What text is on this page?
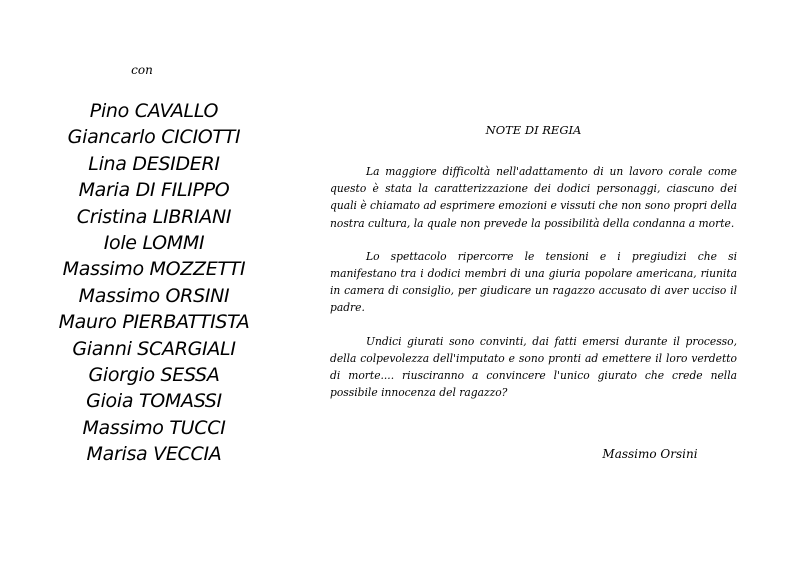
con
Pino CAVALLO
Giancarlo CICIOTTI
Lina DESIDERI
Maria DI FILIPPO
Cristina LIBRIANI
Iole LOMMI
Massimo MOZZETTI
Massimo ORSINI
Mauro PIERBATTISTA
Gianni SCARGIALI
Giorgio SESSA
Gioia TOMASSI
Massimo TUCCI
Marisa VECCIA
NOTE DI REGIA

La maggiore difficoltà nell'adattamento di un lavoro corale come questo è stata la caratterizzazione dei dodici personaggi, ciascuno dei quali è chiamato ad esprimere emozioni e vissuti che non sono propri della nostra cultura, la quale non prevede la possibilità della condanna a morte.

Lo spettacolo ripercorre le tensioni e i pregiudizi che si manifestano tra i dodici membri di una giuria popolare americana, riunita in camera di consiglio, per giudicare un ragazzo accusato di aver ucciso il padre.

Undici giurati sono convinti, dai fatti emersi durante il processo, della colpevolezza dell'imputato e sono pronti ad emettere il loro verdetto di morte.... riusciranno a convincere l'unico giurato che crede nella possibile innocenza del ragazzo?

Massimo Orsini
